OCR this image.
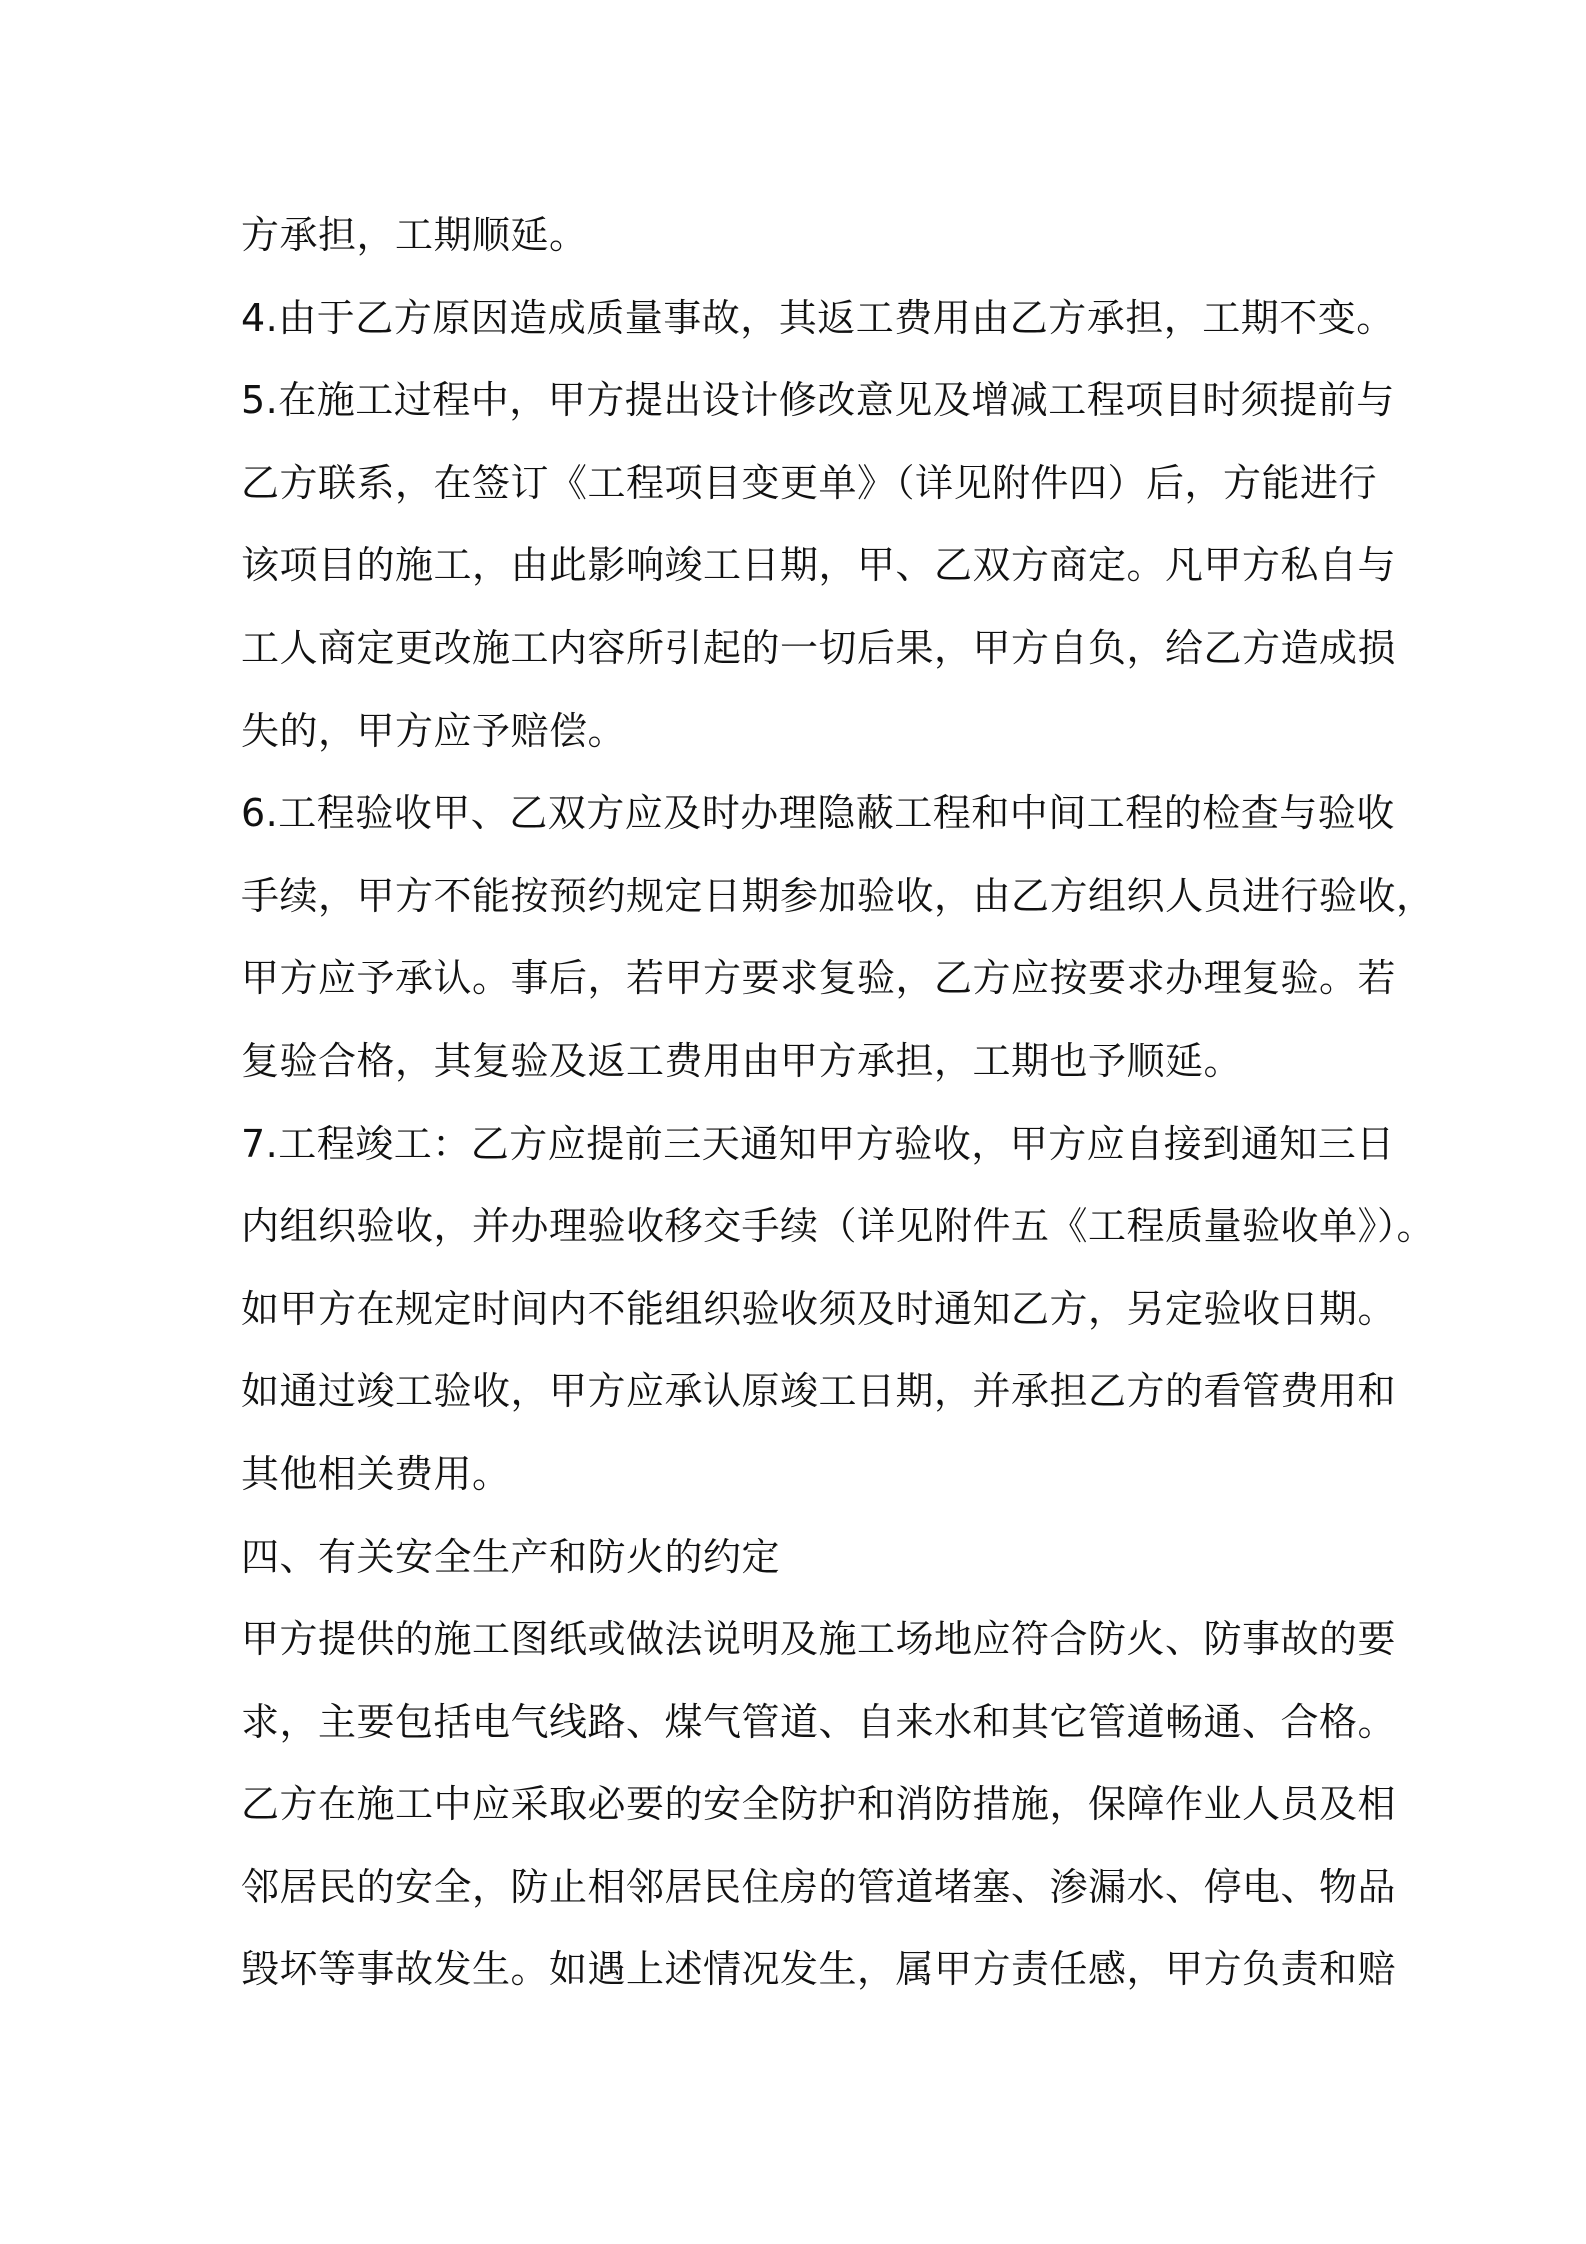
方承担，工期顺延。
4.由于乙方原因造成质量事故，其返工费用由乙方承担，工期不变。
5.在施工过程中，甲方提出设计修改意见及增减工程项目时须提前与
乙方联系，在签订《工程项目变更单》（详见附件四）后，方能进行
该项目的施工，由此影响竣工日期，甲、乙双方商定。凡甲方私自与
工人商定更改施工内容所引起的一切后果，甲方自负，给乙方造成损
失的，甲方应予赔偿。
6.工程验收甲、乙双方应及时办理隐蔽工程和中间工程的检查与验收
手续，甲方不能按预约规定日期参加验收，由乙方组织人员进行验收，
甲方应予承认。事后，若甲方要求复验，乙方应按要求办理复验。若
复验合格，其复验及返工费用由甲方承担，工期也予顺延。
7.工程竣工：乙方应提前三天通知甲方验收，甲方应自接到通知三日
内组织验收，并办理验收移交手续（详见附件五《工程质量验收单》）。
如甲方在规定时间内不能组织验收须及时通知乙方，另定验收日期。
如通过竣工验收，甲方应承认原竣工日期，并承担乙方的看管费用和
其他相关费用。
四、有关安全生产和防火的约定
甲方提供的施工图纸或做法说明及施工场地应符合防火、防事故的要
求，主要包括电气线路、煤气管道、自来水和其它管道畅通、合格。
乙方在施工中应采取必要的安全防护和消防措施，保障作业人员及相
邻居民的安全，防止相邻居民住房的管道堵塞、渗漏水、停电、物品
毁坏等事故发生。如遇上述情况发生，属甲方责任感，甲方负责和赔
